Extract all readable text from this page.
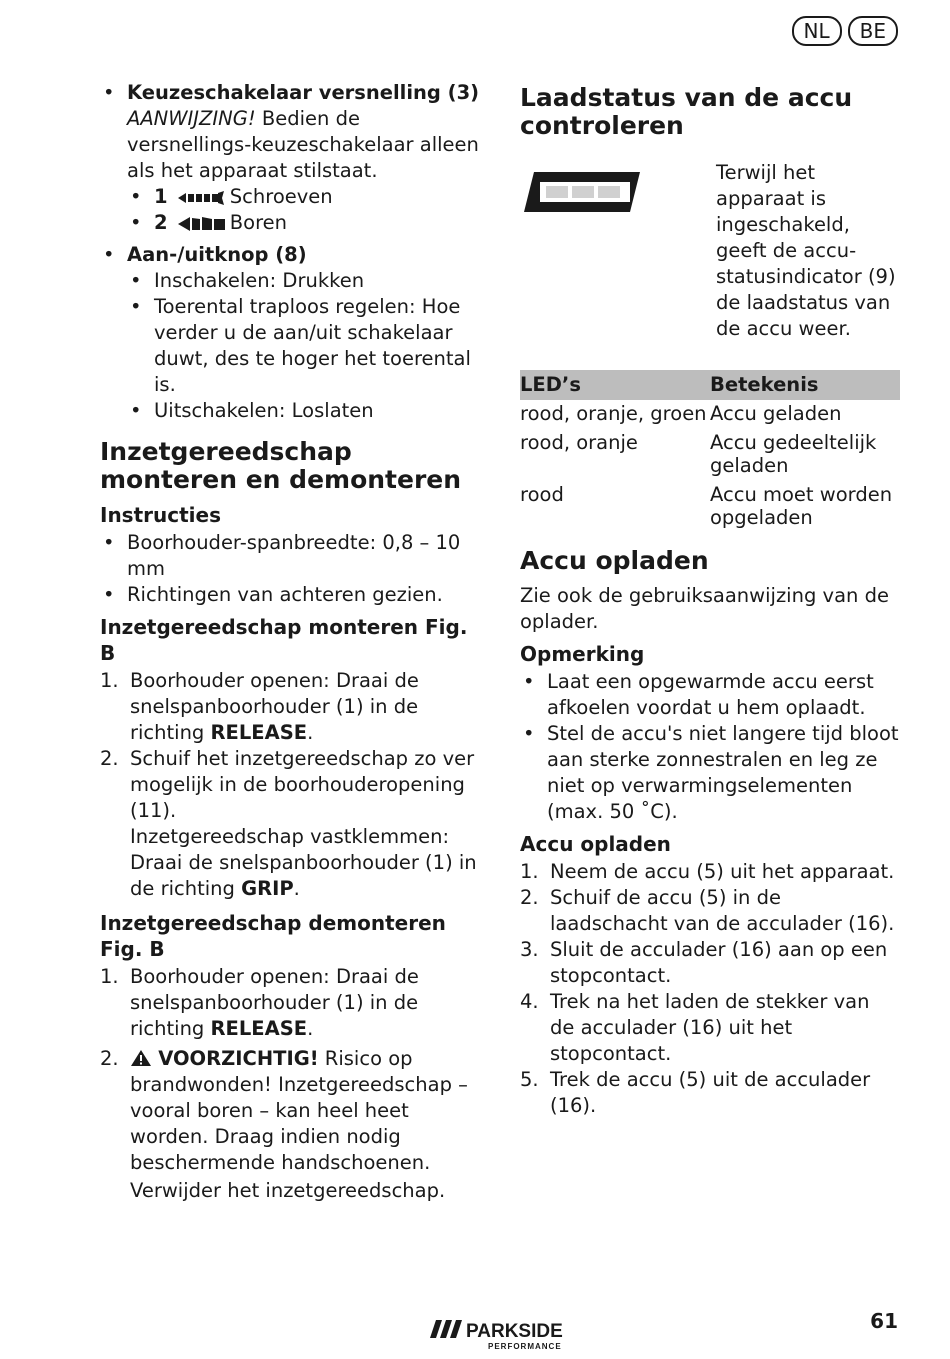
NL	BE
• Keuzeschakelaar versnelling (3)
AANWIJZING! Bedien de versnellings-keuzeschakelaar alleen als het apparaat stilstaat.
• 1	Schroeven
• 2	Boren
• Aan-/uitknop (8)
• Inschakelen: Drukken
• Toerental traploos regelen: Hoe verder u de aan/uit schakelaar duwt, des te hoger het toerental is.
• Uitschakelen: Loslaten
Inzetgereedschap monteren en demonteren
Instructies
• Boorhouder-spanbreedte: 0,8 – 10 mm
• Richtingen van achteren gezien.
Inzetgereedschap monteren Fig. B
1. Boorhouder openen: Draai de snelspanboorhouder (1) in de richting RELEASE.
2. Schuif het inzetgereedschap zo ver mogelijk in de boorhouderopening (11).
Inzetgereedschap vastklemmen: Draai de snelspanboorhouder (1) in de richting GRIP.
Inzetgereedschap demonteren Fig. B
1. Boorhouder openen: Draai de snelspanboorhouder (1) in de richting RELEASE.
2. VOORZICHTIG! Risico op brandwonden! Inzetgereedschap – vooral boren – kan heel heet worden. Draag indien nodig beschermende handschoenen.
Verwijder het inzetgereedschap.
Laadstatus van de accu controleren
Terwijl het apparaat is ingeschakeld, geeft de accu-statusindicator (9) de laadstatus van de accu weer.
LED’s	Betekenis
rood, oranje, groen	Accu geladen
rood, oranje	Accu gedeeltelijk geladen
rood	Accu moet worden opgeladen
Accu opladen
Zie ook de gebruiksaanwijzing van de oplader.
Opmerking
• Laat een opgewarmde accu eerst afkoelen voordat u hem oplaadt.
• Stel de accu's niet langere tijd bloot aan sterke zonnestralen en leg ze niet op verwarmingselementen (max. 50 ˚C).
Accu opladen
1. Neem de accu (5) uit het apparaat.
2. Schuif de accu (5) in de laadschacht van de acculader (16).
3. Sluit de acculader (16) aan op een stopcontact.
4. Trek na het laden de stekker van de acculader (16) uit het stopcontact.
5. Trek de accu (5) uit de acculader (16).
PARKSIDE
PERFORMANCE
61
